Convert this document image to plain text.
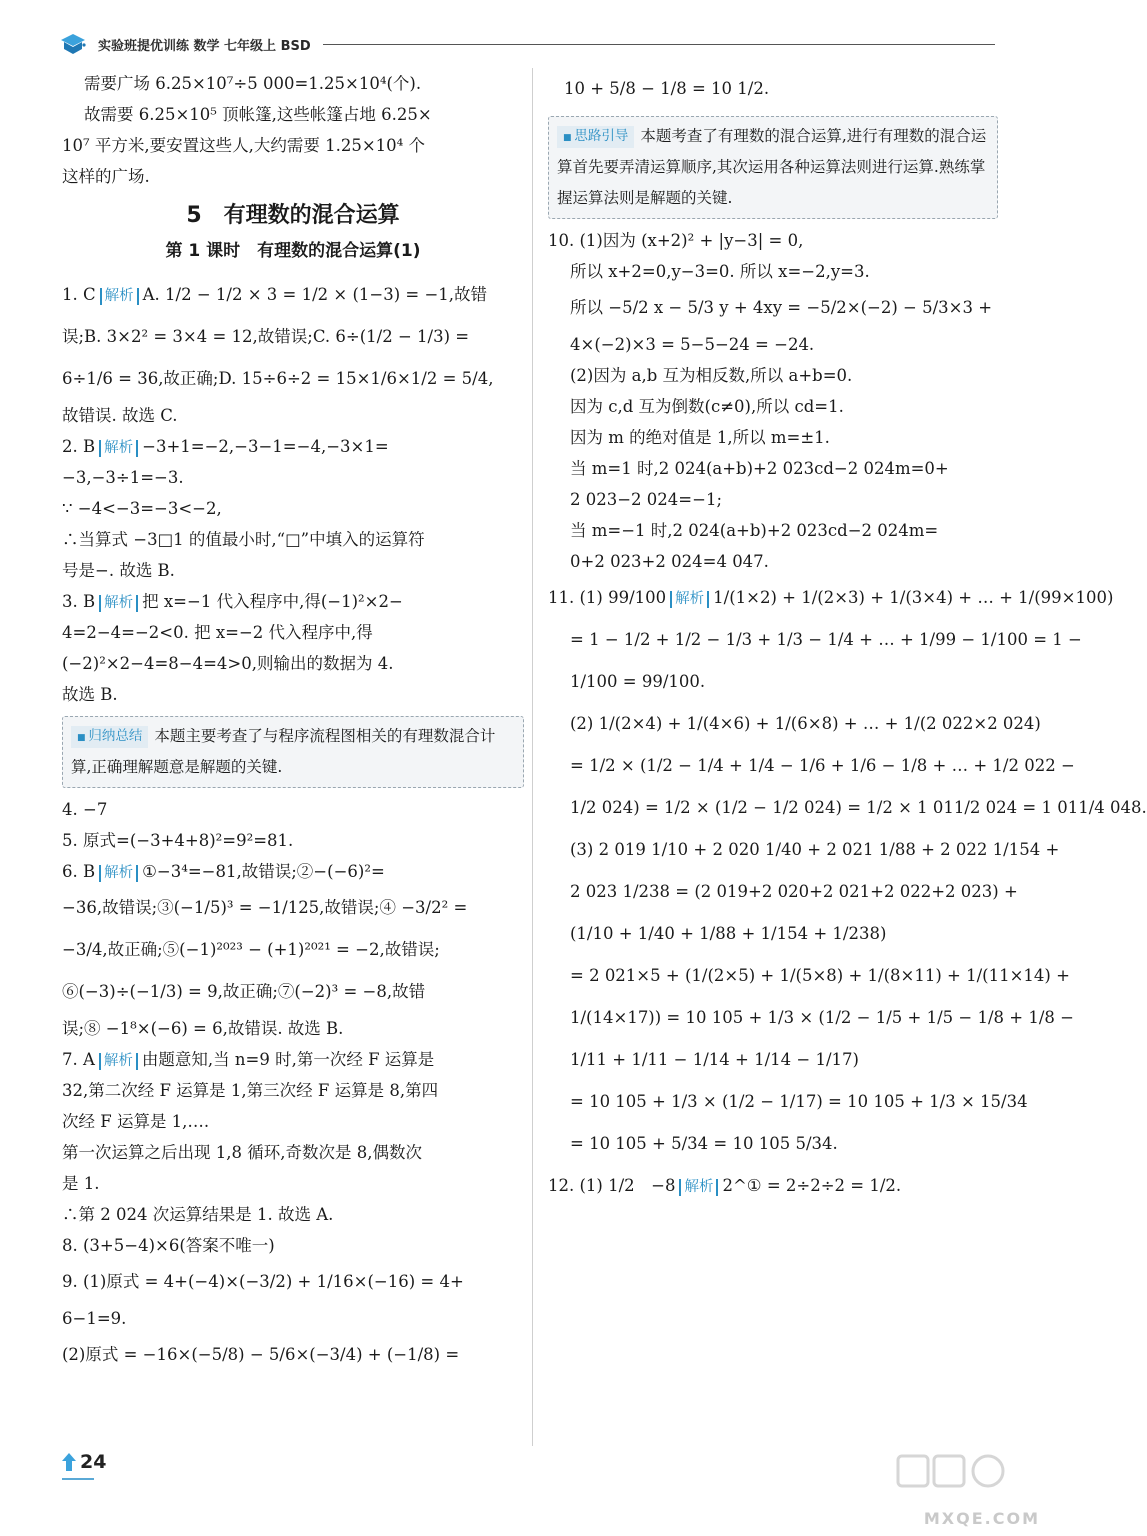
实验班提优训练 数学 七年级上 BSD
需要广场 6.25×10⁷÷5 000=1.25×10⁴(个).
故需要 6.25×10⁵ 顶帐篷,这些帐篷占地 6.25×
10⁷ 平方米,要安置这些人,大约需要 1.25×10⁴ 个
这样的广场.
5　有理数的混合运算
第 1 课时　有理数的混合运算(1)
1. C 解析 A. 1/2 − 1/2 × 3 = 1/2 × (1−3) = −1,故错
误;B. 3×2² = 3×4 = 12,故错误;C. 6÷(1/2 − 1/3) =
6÷1/6 = 36,故正确;D. 15÷6÷2 = 15×1/6×1/2 = 5/4,
故错误. 故选 C.
2. B 解析 −3+1=−2,−3−1=−4,−3×1=
−3,−3÷1=−3.
∵ −4<−3=−3<−2,
∴当算式 −3□1 的值最小时,“□”中填入的运算符
号是−. 故选 B.
3. B 解析 把 x=−1 代入程序中,得(−1)²×2−
4=2−4=−2<0. 把 x=−2 代入程序中,得
(−2)²×2−4=8−4=4>0,则输出的数据为 4.
故选 B.
■ 归纳总结 本题主要考查了与程序流程图相关的有理数混合计算,正确理解题意是解题的关键.
4. −7
5. 原式=(−3+4+8)²=9²=81.
6. B 解析 ①−3⁴=−81,故错误;②−(−6)²=
−36,故错误;③(−1/5)³ = −1/125,故错误;④ −3/2² =
−3/4,故正确;⑤(−1)²⁰²³ − (+1)²⁰²¹ = −2,故错误;
⑥(−3)÷(−1/3) = 9,故正确;⑦(−2)³ = −8,故错
误;⑧ −1⁸×(−6) = 6,故错误. 故选 B.
7. A 解析 由题意知,当 n=9 时,第一次经 F 运算是
32,第二次经 F 运算是 1,第三次经 F 运算是 8,第四
次经 F 运算是 1,….
第一次运算之后出现 1,8 循环,奇数次是 8,偶数次
是 1.
∴第 2 024 次运算结果是 1. 故选 A.
8. (3+5−4)×6(答案不唯一)
9. (1)原式 = 4+(−4)×(−3/2) + 1/16×(−16) = 4+
6−1=9.
(2)原式 = −16×(−5/8) − 5/6×(−3/4) + (−1/8) =
10 + 5/8 − 1/8 = 10 1/2.
■ 思路引导 本题考查了有理数的混合运算,进行有理数的混合运算首先要弄清运算顺序,其次运用各种运算法则进行运算.熟练掌握运算法则是解题的关键.
10. (1)因为 (x+2)² + |y−3| = 0,
所以 x+2=0,y−3=0. 所以 x=−2,y=3.
所以 −5/2 x − 5/3 y + 4xy = −5/2×(−2) − 5/3×3 +
4×(−2)×3 = 5−5−24 = −24.
(2)因为 a,b 互为相反数,所以 a+b=0.
因为 c,d 互为倒数(c≠0),所以 cd=1.
因为 m 的绝对值是 1,所以 m=±1.
当 m=1 时,2 024(a+b)+2 023cd−2 024m=0+
2 023−2 024=−1;
当 m=−1 时,2 024(a+b)+2 023cd−2 024m=
0+2 023+2 024=4 047.
11. (1) 99/100 解析 1/(1×2) + 1/(2×3) + 1/(3×4) + … + 1/(99×100)
= 1 − 1/2 + 1/2 − 1/3 + 1/3 − 1/4 + … + 1/99 − 1/100 = 1 −
1/100 = 99/100.
(2) 1/(2×4) + 1/(4×6) + 1/(6×8) + … + 1/(2 022×2 024)
= 1/2 × (1/2 − 1/4 + 1/4 − 1/6 + 1/6 − 1/8 + … + 1/2 022 −
1/2 024) = 1/2 × (1/2 − 1/2 024) = 1/2 × 1 011/2 024 = 1 011/4 048.
(3) 2 019 1/10 + 2 020 1/40 + 2 021 1/88 + 2 022 1/154 +
2 023 1/238 = (2 019+2 020+2 021+2 022+2 023) +
(1/10 + 1/40 + 1/88 + 1/154 + 1/238)
= 2 021×5 + (1/(2×5) + 1/(5×8) + 1/(8×11) + 1/(11×14) +
1/(14×17)) = 10 105 + 1/3 × (1/2 − 1/5 + 1/5 − 1/8 + 1/8 −
1/11 + 1/11 − 1/14 + 1/14 − 1/17)
= 10 105 + 1/3 × (1/2 − 1/17) = 10 105 + 1/3 × 15/34
= 10 105 + 5/34 = 10 105 5/34.
12. (1) 1/2　−8 解析 2^① = 2÷2÷2 = 1/2.
24
MXQE.COM
